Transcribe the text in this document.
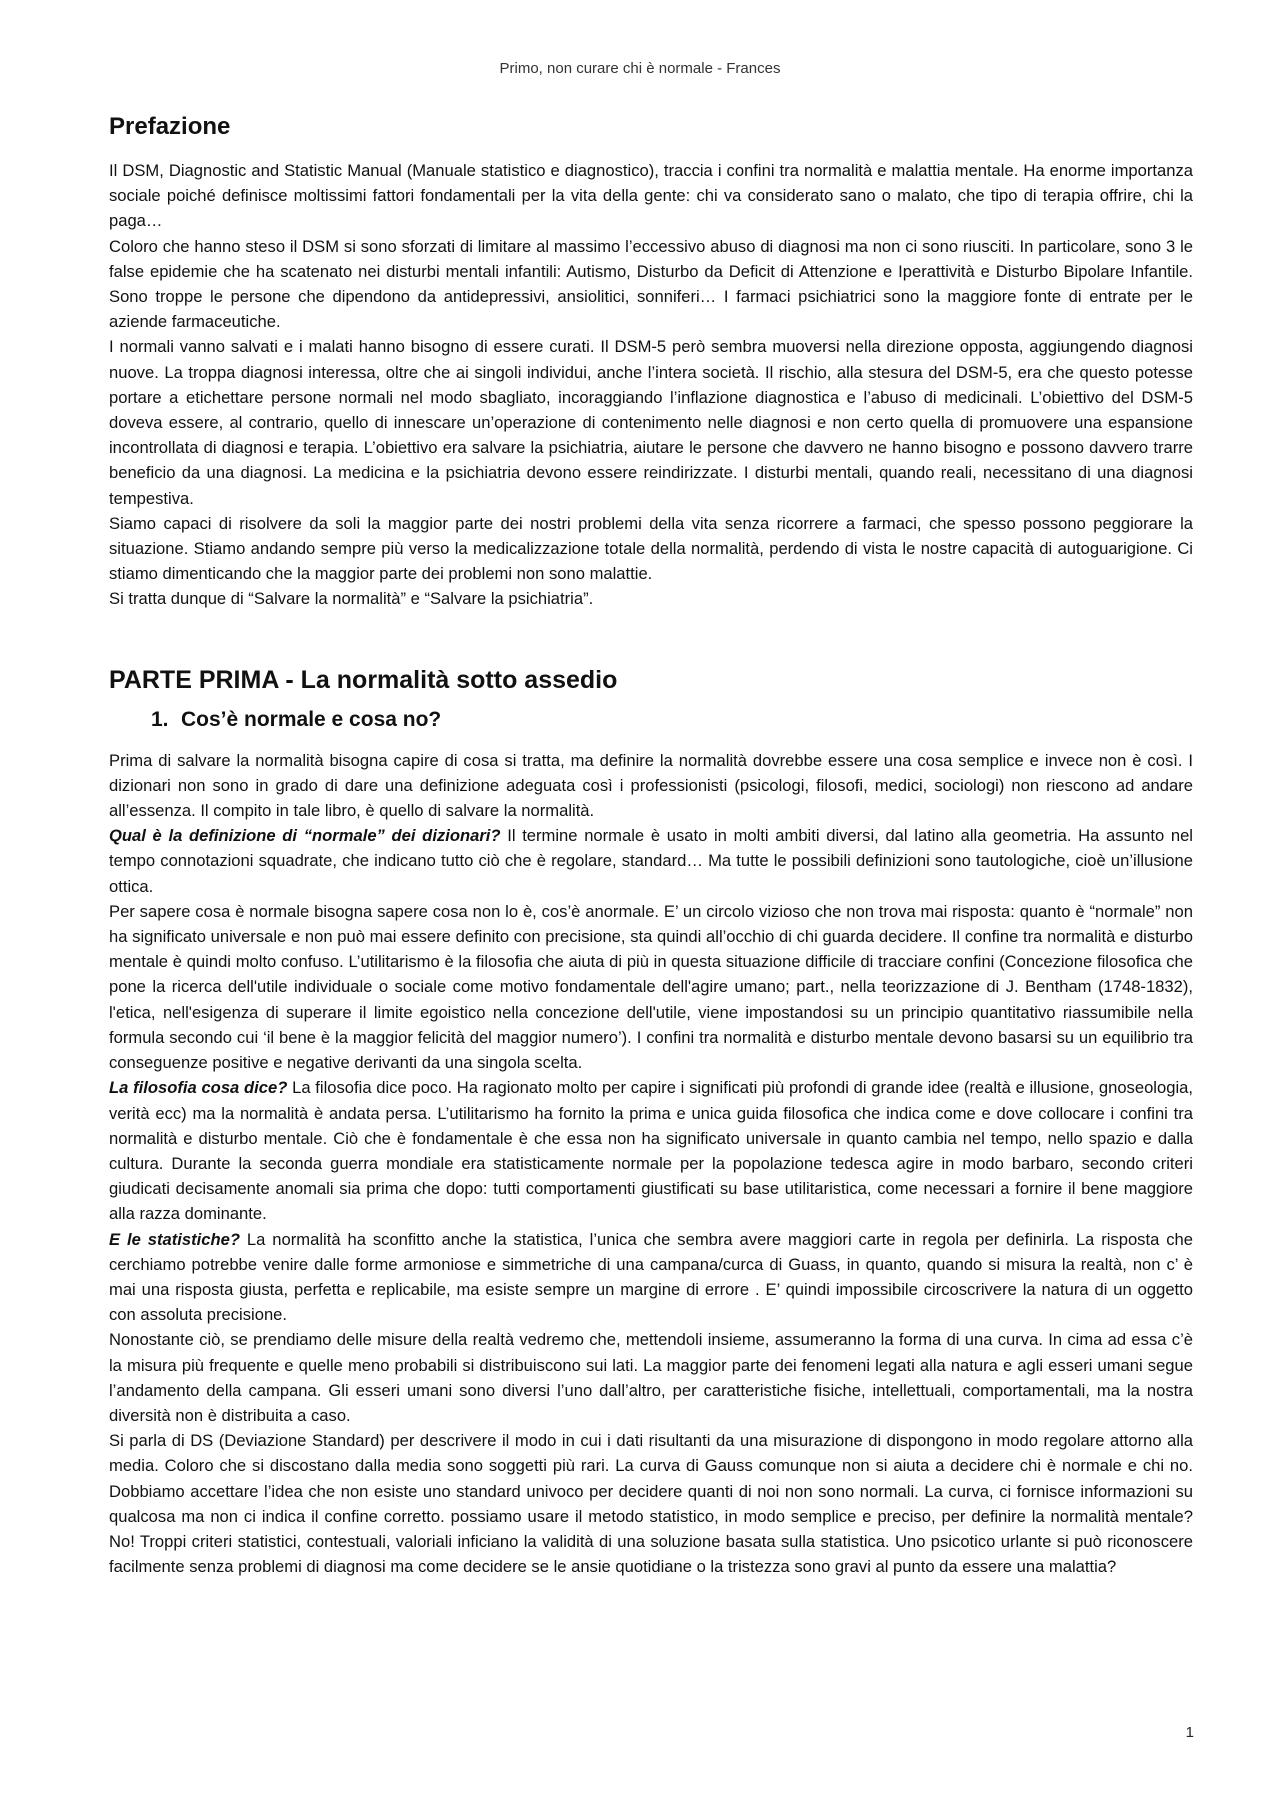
Primo, non curare chi è normale - Frances
Prefazione

Il DSM, Diagnostic and Statistic Manual (Manuale statistico e diagnostico), traccia i confini tra normalità e malattia mentale. Ha enorme importanza sociale poiché definisce moltissimi fattori fondamentali per la vita della gente: chi va considerato sano o malato, che tipo di terapia offrire, chi la paga…

Coloro che hanno steso il DSM si sono sforzati di limitare al massimo l’eccessivo abuso di diagnosi ma non ci sono riusciti. In particolare, sono 3 le false epidemie che ha scatenato nei disturbi mentali infantili: Autismo, Disturbo da Deficit di Attenzione e Iperattività e Disturbo Bipolare Infantile. Sono troppe le persone che dipendono da antidepressivi, ansiolitici, sonniferi… I farmaci psichiatrici sono la maggiore fonte di entrate per le aziende farmaceutiche.

I normali vanno salvati e i malati hanno bisogno di essere curati. Il DSM-5 però sembra muoversi nella direzione opposta, aggiungendo diagnosi nuove. La troppa diagnosi interessa, oltre che ai singoli individui, anche l’intera società. Il rischio, alla stesura del DSM-5, era che questo potesse portare a etichettare persone normali nel modo sbagliato, incoraggiando l’inflazione diagnostica e l’abuso di medicinali. L’obiettivo del DSM-5 doveva essere, al contrario, quello di innescare un’operazione di contenimento nelle diagnosi e non certo quella di promuovere una espansione incontrollata di diagnosi e terapia. L’obiettivo era salvare la psichiatria, aiutare le persone che davvero ne hanno bisogno e possono davvero trarre beneficio da una diagnosi. La medicina e la psichiatria devono essere reindirizzate. I disturbi mentali, quando reali, necessitano di una diagnosi tempestiva.

Siamo capaci di risolvere da soli la maggior parte dei nostri problemi della vita senza ricorrere a farmaci, che spesso possono peggiorare la situazione. Stiamo andando sempre più verso la medicalizzazione totale della normalità, perdendo di vista le nostre capacità di autoguarigione. Ci stiamo dimenticando che la maggior parte dei problemi non sono malattie.

Si tratta dunque di “Salvare la normalità” e “Salvare la psichiatria”.

PARTE PRIMA - La normalità sotto assedio
1. Cos’è normale e cosa no?

Prima di salvare la normalità bisogna capire di cosa si tratta, ma definire la normalità dovrebbe essere una cosa semplice e invece non è così. I dizionari non sono in grado di dare una definizione adeguata così i professionisti (psicologi, filosofi, medici, sociologi) non riescono ad andare all’essenza. Il compito in tale libro, è quello di salvare la normalità.

Qual è la definizione di “normale” dei dizionari? Il termine normale è usato in molti ambiti diversi, dal latino alla geometria. Ha assunto nel tempo connotazioni squadrate, che indicano tutto ciò che è regolare, standard… Ma tutte le possibili definizioni sono tautologiche, cioè un’illusione ottica.

Per sapere cosa è normale bisogna sapere cosa non lo è, cos’è anormale. E’ un circolo vizioso che non trova mai risposta: quanto è “normale” non ha significato universale e non può mai essere definito con precisione, sta quindi all’occhio di chi guarda decidere. Il confine tra normalità e disturbo mentale è quindi molto confuso. L’utilitarismo è la filosofia che aiuta di più in questa situazione difficile di tracciare confini (Concezione filosofica che pone la ricerca dell'utile individuale o sociale come motivo fondamentale dell'agire umano; part., nella teorizzazione di J. Bentham (1748-1832), l'etica, nell'esigenza di superare il limite egoistico nella concezione dell'utile, viene impostandosi su un principio quantitativo riassumibile nella formula secondo cui ‘il bene è la maggior felicità del maggior numero’). I confini tra normalità e disturbo mentale devono basarsi su un equilibrio tra conseguenze positive e negative derivanti da una singola scelta.

La filosofia cosa dice? La filosofia dice poco. Ha ragionato molto per capire i significati più profondi di grande idee (realtà e illusione, gnoseologia, verità ecc) ma la normalità è andata persa. L’utilitarismo ha fornito la prima e unica guida filosofica che indica come e dove collocare i confini tra normalità e disturbo mentale. Ciò che è fondamentale è che essa non ha significato universale in quanto cambia nel tempo, nello spazio e dalla cultura. Durante la seconda guerra mondiale era statisticamente normale per la popolazione tedesca agire in modo barbaro, secondo criteri giudicati decisamente anomali sia prima che dopo: tutti comportamenti giustificati su base utilitaristica, come necessari a fornire il bene maggiore alla razza dominante.

E le statistiche? La normalità ha sconfitto anche la statistica, l’unica che sembra avere maggiori carte in regola per definirla. La risposta che cerchiamo potrebbe venire dalle forme armoniose e simmetriche di una campana/curca di Guass, in quanto, quando si misura la realtà, non c’ è mai una risposta giusta, perfetta e replicabile, ma esiste sempre un margine di errore . E’ quindi impossibile circoscrivere la natura di un oggetto con assoluta precisione.

Nonostante ciò, se prendiamo delle misure della realtà vedremo che, mettendoli insieme, assumeranno la forma di una curva. In cima ad essa c’è la misura più frequente e quelle meno probabili si distribuiscono sui lati. La maggior parte dei fenomeni legati alla natura e agli esseri umani segue l’andamento della campana. Gli esseri umani sono diversi l’uno dall’altro, per caratteristiche fisiche, intellettuali, comportamentali, ma la nostra diversità non è distribuita a caso.

Si parla di DS (Deviazione Standard) per descrivere il modo in cui i dati risultanti da una misurazione di dispongono in modo regolare attorno alla media. Coloro che si discostano dalla media sono soggetti più rari. La curva di Gauss comunque non si aiuta a decidere chi è normale e chi no. Dobbiamo accettare l’idea che non esiste uno standard univoco per decidere quanti di noi non sono normali. La curva, ci fornisce informazioni su qualcosa ma non ci indica il confine corretto. possiamo usare il metodo statistico, in modo semplice e preciso, per definire la normalità mentale? No! Troppi criteri statistici, contestuali, valoriali inficiano la validità di una soluzione basata sulla statistica. Uno psicotico urlante si può riconoscere facilmente senza problemi di diagnosi ma come decidere se le ansie quotidiane o la tristezza sono gravi al punto da essere una malattia?

1
